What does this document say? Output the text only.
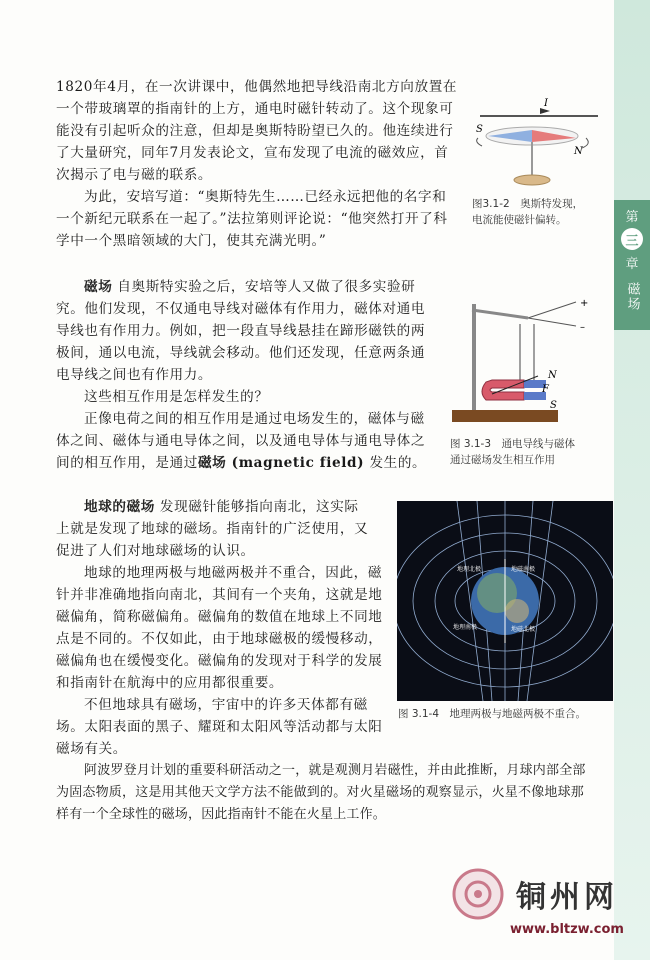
第
三
章
磁场
1820年4月，在一次讲课中，他偶然地把导线沿南北方向放置在
一个带玻璃罩的指南针的上方，通电时磁针转动了。这个现象可
能没有引起听众的注意，但却是奥斯特盼望已久的。他连续进行
了大量研究，同年7月发表论文，宣布发现了电流的磁效应，首
次揭示了电与磁的联系。
为此，安培写道：“奥斯特先生……已经永远把他的名字和
一个新纪元联系在一起了。”法拉第则评论说：“他突然打开了科
学中一个黑暗领域的大门，使其充满光明。”
I
S
N
图3.1-2　奥斯特发现，
电流能使磁针偏转。
磁场 自奥斯特实验之后，安培等人又做了很多实验研
究。他们发现，不仅通电导线对磁体有作用力，磁体对通电
导线也有作用力。例如，把一段直导线悬挂在蹄形磁铁的两
极间，通以电流，导线就会移动。他们还发现，任意两条通
电导线之间也有作用力。
这些相互作用是怎样发生的？
正像电荷之间的相互作用是通过电场发生的，磁体与磁
体之间、磁体与通电导体之间，以及通电导体与通电导体之
间的相互作用，是通过磁场 (magnetic field) 发生的。
+
–
N
S
F
图 3.1-3　通电导线与磁体
通过磁场发生相互作用
地球的磁场 发现磁针能够指向南北，这实际
上就是发现了地球的磁场。指南针的广泛使用，又
促进了人们对地球磁场的认识。
地球的地理两极与地磁两极并不重合，因此，磁
针并非准确地指向南北，其间有一个夹角，这就是地
磁偏角，简称磁偏角。磁偏角的数值在地球上不同地
点是不同的。不仅如此，由于地球磁极的缓慢移动，
磁偏角也在缓慢变化。磁偏角的发现对于科学的发展
和指南针在航海中的应用都很重要。
不但地球具有磁场，宇宙中的许多天体都有磁
场。太阳表面的黑子、耀斑和太阳风等活动都与太阳
磁场有关。
阿波罗登月计划的重要科研活动之一，就是观测月岩磁性，并由此推断，月球内部全部
为固态物质，这是用其他天文学方法不能做到的。对火星磁场的观察显示，火星不像地球那
样有一个全球性的磁场，因此指南针不能在火星上工作。
地理北极	地磁南极
地理南极	地磁北极
图 3.1-4　地理两极与地磁两极不重合。
铜州网
www.bltzw.com
